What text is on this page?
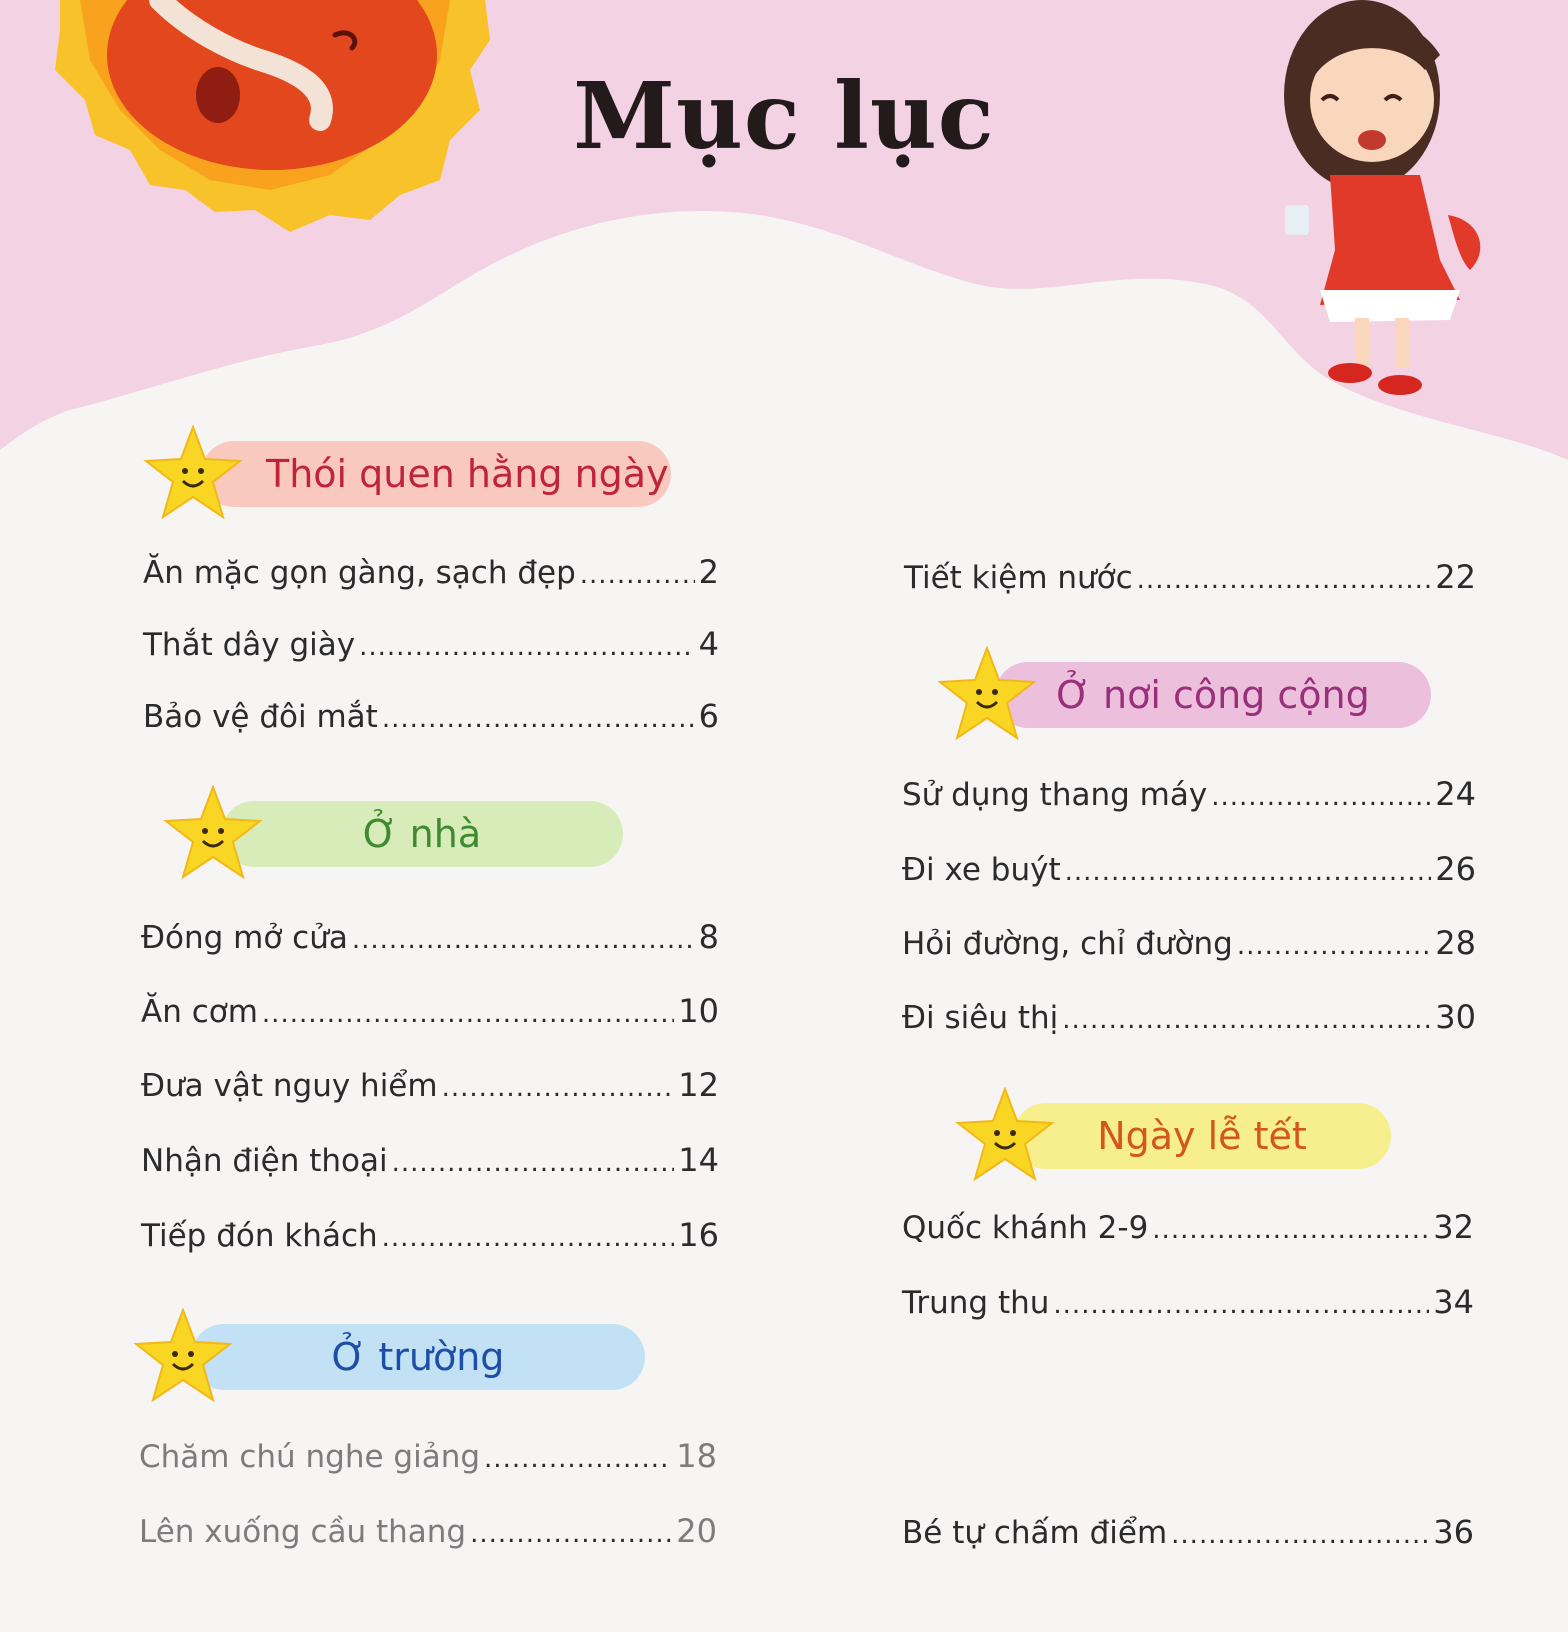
Mục lục
Thói quen hằng ngày
Ăn mặc gọn gàng, sạch đẹp .....	2
Thắt dây giày .....	4
Bảo vệ đôi mắt .....	6
Ở nhà
Đóng mở cửa .....	8
Ăn cơm .....	10
Đưa vật nguy hiểm .....	12
Nhận điện thoại .....	14
Tiếp đón khách .....	16
Ở trường
Chăm chú nghe giảng .....	18
Lên xuống cầu thang .....	20
Tiết kiệm nước .....	22
Ở nơi công cộng
Sử dụng thang máy .....	24
Đi xe buýt .....	26
Hỏi đường, chỉ đường .....	28
Đi siêu thị .....	30
Ngày lễ tết
Quốc khánh 2-9 .....	32
Trung thu .....	34
Bé tự chấm điểm .....	36
